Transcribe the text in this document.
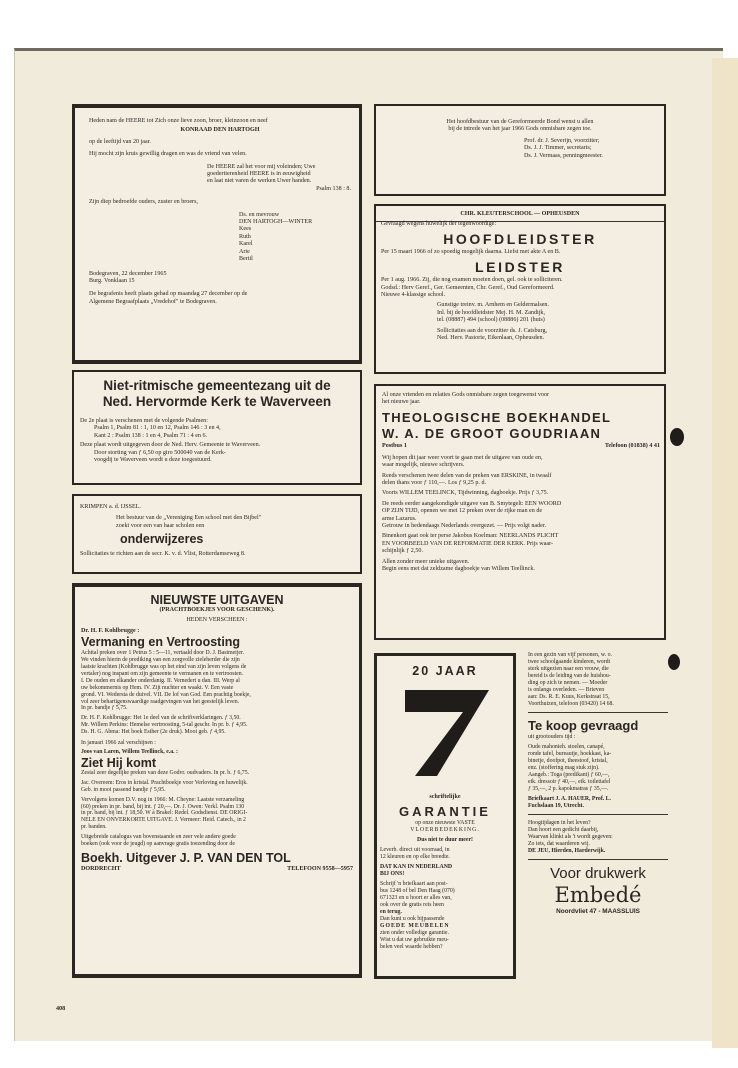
Heden nam de HEERE tot Zich onze lieve zoon, broer, kleinzoon en neef
KONRAAD DEN HARTOGH
op de leeftijd van 20 jaar.
Hij mocht zijn kruis gewillig dragen en was de vriend van velen.
De HEERE zal het voor mij voleinden; Uwe
goedertierenheid HEERE is in eeuwigheid
en laat niet varen de werken Uwer handen.
Psalm 138 : 8.
Zijn diep bedroefde ouders, zuster en broers,
Ds. en mevrouw
DEN HARTOGH—WINTER
Kees
Ruth
Karel
Arie
Bertil
Bodegraven, 22 december 1965
Burg. Vonklaan 15
De begrafenis heeft plaats gehad op maandag 27 december op de
Algemene Begraafplaats „Vredehof" te Bodegraven.
Niet-ritmische gemeentezang uit de
Ned. Hervormde Kerk te Waverveen
De 2e plaat is verschenen met de volgende Psalmen:
Psalm 1, Psalm 81 : 1, 10 en 12, Psalm 146 : 3 en 4,
Kant 2 : Psalm 138 : 1 en 4, Psalm 71 : 4 en 6.
Deze plaat wordt uitgegeven door de Ned. Herv. Gemeente te Waverveen.
Door storting van ƒ 6,50 op giro 500040 van de Kerk-
voogdij te Waverveen wordt u deze toegestuurd.
KRIMPEN a. d. IJSSEL.
Het bestuur van de „Vereniging Een school met den Bijbel"
zoekt voor een van haar scholen een
onderwijzeres
Sollicitaties te richten aan de secr. K. v. d. Vlist, Rotterdamseweg 8.
NIEUWSTE UITGAVEN
(PRACHTBOEKJES VOOR GESCHENK).
HEDEN VERSCHEEN :
Dr. H. F. Kohlbrugge :
Vermaning en Vertroosting
Achttal preken over 1 Petrus 5 : 5—11, vertaald door D. J. Bastmeijer.
We vinden hierin de prediking van een zorgvolle zieleherder die zijn
laatste krachten (Kohlbrugge was op het eind van zijn leven volgens de
vertaler) nog inspant om zijn gemeente te vermanen en te vertroosten.
I. De ouden en elkander onderdanig. II. Vernedert u dan. III. Werp al
uw bekommernis op Hem. IV. Zijt nuchter en waakt. V. Een vaste
grond. VI. Wederstа de duivel. VII. De lof van God. Een prachtig boekje,
vol zeer behartigenswaardige raadgevingen van het geestelijk leven.
In pr. bandje ƒ 5,75.
Dr. H. F. Kohlbrugge: Het 1e deel van de schriftverklaringen. ƒ 3,50.
Mr. Willem Perkins: Hemelse vertroosting, 5-tal geschr. In pr. b. ƒ 4,95.
Ds. H. G. Abma: Het boek Esther (2e druk). Mooi geb. ƒ 4,95.
In januari 1966 zal verschijnen :
Joos van Laren, Willem Teellinck, e.a. :
Ziet Hij komt
Zestal zeer degelijke preken van deze Godvr. oudvaders. In pr. b. ƒ 6,75.
Jac. Overeem: Eros in kristal. Prachtboekje voor Verloving en huwelijk.
Geb. in mooi passend bandje ƒ 5,95.
Vervolgens komen D.V. nog in 1966: M. Cheyne: Laatste verzameling
(60) preken in pr. band, bij int. ƒ 20,—. Dr. J. Owen: Verkl. Psalm 130
in pr. band, bij int. ƒ 18,50. W à Brakel: Redel. Godsdienst. DE ORIGI-
NELE EN ONVERKORTE UITGAVE. J. Vermeer: Heid. Catech., in 2
pr. banden.
Uitgebreide catalogus van bovenstaande en zeer vele andere goede
boeken (ook voor de jeugd) op aanvrage gratis toezending door de
Boekh. Uitgever J. P. VAN DEN TOL
DORDRECHT	TELEFOON 9558—5957
Het hoofdbestuur van de Gereformeerde Bond wenst u allen
bij de intrede van het jaar 1966 Gods onmisbare zegen toe.
Prof. dr. J. Severijn, voorzitter;
Ds. J. J. Timmer, secretaris;
Ds. J. Vermaas, penningmeester.
CHR. KLEUTERSCHOOL — OPHEUSDEN
Gevraagd wegens huwelijk der tegenwoordige:
HOOFDLEIDSTER
Per 15 maart 1966 of zo spoedig mogelijk daarna. Liefst met akte A en B.
LEIDSTER
Per 1 aug. 1966. Zij, die nog examen moeten doen, gel. ook te solliciteren.
Godsd.: Herv Geref., Ger. Gemeenten, Chr. Geref., Oud Gereformeerd.
Nieuwe 4-klassige school.
Gunstige treinv. m. Arnhem en Geldermalsen.
Inl. bij de hoofdleidster Mej. H. M. Zandijk,
tel. (08887) 494 (school) (08886) 201 (huis)
Sollicitaties aan de voorzitter ds. J. Catsburg,
Ned. Herv. Pastorie, Eikenlaan, Opheusden.
Al onze vrienden en relaties Gods onmisbare zegen toegewenst voor
het nieuwe jaar.
THEOLOGISCHE BOEKHANDEL
W. A. DE GROOT GOUDRIAAN
Postbus 1	Telefoon (01838) 4 41
Wij hopen dit jaar weer voort te gaan met de uitgave van oude en,
waar mogelijk, nieuwe schrijvers.
Reeds verschenen twee delen van de preken van ERSKINE, in twaalf
delen thans voor ƒ 110,—. Los ƒ 9,25 p. d.
Voorts WILLEM TEELINCK, Tijdwinning, dagboekje. Prijs ƒ 3,75.
De reeds eerder aangekondigde uitgave van B. Smytegelt: EEN WOORD
OP ZIJN TIJD, openen we met 12 preken over de rijke man en de
arme Lazarus.
Getrouw in hedendaags Nederlands overgezet. — Prijs volgt nader.
Binenkort gaat ook ter perse Jakobus Koelman: NEERLANDS PLICHT
EN VOORBEELD VAN DE REFORMATIE DER KERK. Prijs waar-
schijnlijk ƒ 2,50.
Allen zonder meer unieke uitgaven.
Begin eens met dat zeldzame dagboekje van Willem Teellinck.
20 JAAR
schriftelijke
GARANTIE
op onze nieuwste VASTE
VLOERBEDEKKING.
Dus niet te duur meer!
Leverb. direct uit voorraad, in
12 kleuren en op elke breedte.
DAT KAN IN NEDERLAND
BIJ ONS!
Schrijf 'n briefkaart aan post-
bus 1248 of bel Den Haag (070)
671323 en u hoort er alles van,
ook over de gratis reis heen
en terug.
Dan kunt u ook bijpassende
GOEDE MEUBELEN
zien onder volledige garantie.
Wist u dat uw gebruikte meu-
belen veel waarde hebben?
In een gezin van vijf personen, w. o.
twee schoolgaande kinderen, wordt
sterk uitgezien naar een vrouw, die
bereid is de leiding van de huishou-
ding op zich te nemen. — Moeder
is onlangs overleden. — Brieven
aan: Ds. R. E. Kuus, Kerkstraat 15,
Voorthuizen, telefoon (03420) 14 68.
Te koop gevraagd
uit grootouders tijd :
Oude mahonieh. stoelen, canapé,
ronde tafel, bureautje, hoekkast, ka-
binetje, doofpot, theestoof, kristal,
enz. (stoffering mag stuk zijn).
Aangeb.: Toga (predikant) ƒ 60,—,
eik. dressoir ƒ 40,—, eik. toilettafel
ƒ 35,—, 2 p. kapokmatras ƒ 35,—.
Briefkaart J. A. HAUER, Prof. L.
Fuchslaan 19, Utrecht.
Hoogtijdagen in het leven?
Dan hoort een gedicht daarbij,
Waarvan klinkt als 't wordt gegeven:
Zo iets, dat waarderen wij.
DE JEU, Hierden, Harderwijk.
Voor drukwerk
Embedé
Noordvliet 47 - MAASSLUIS
408
